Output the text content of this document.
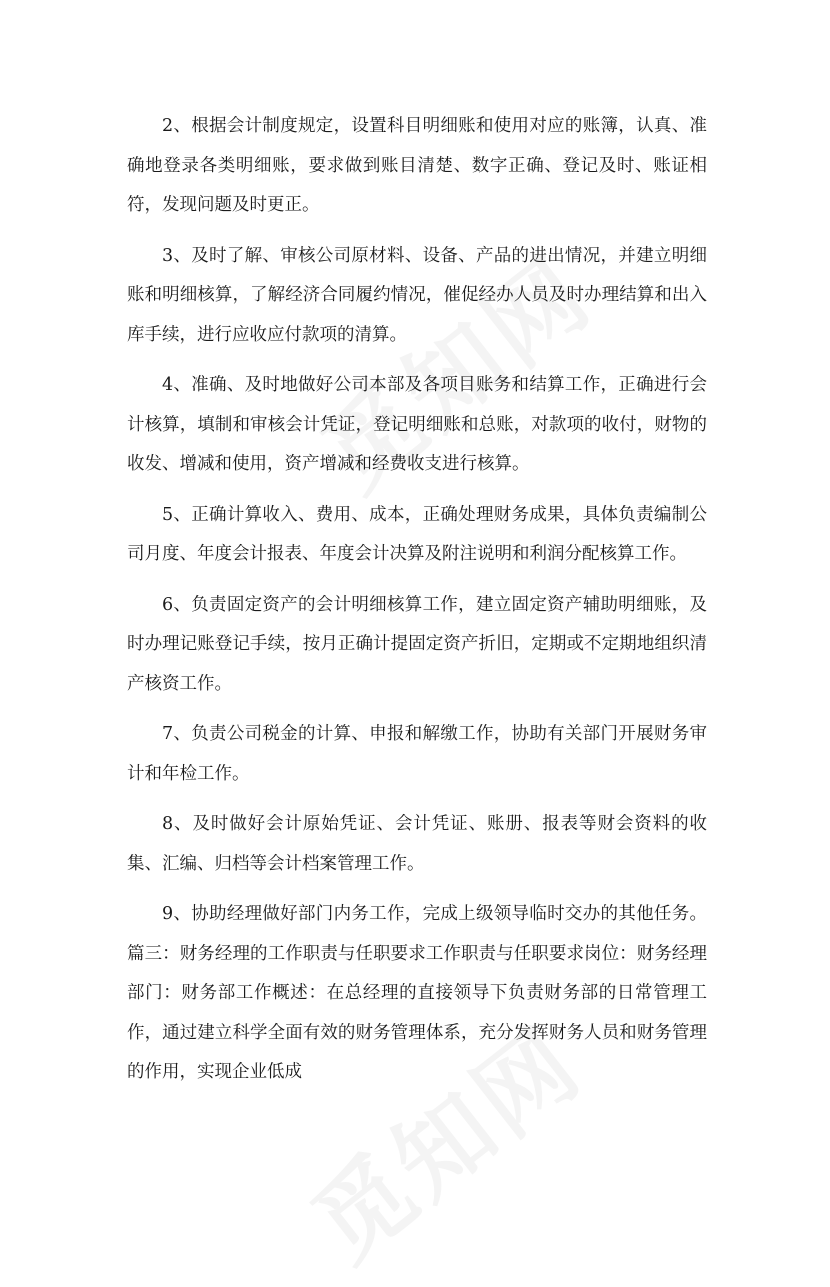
2、根据会计制度规定，设置科目明细账和使用对应的账簿，认真、准确地登录各类明细账，要求做到账目清楚、数字正确、登记及时、账证相符，发现问题及时更正。

3、及时了解、审核公司原材料、设备、产品的进出情况，并建立明细账和明细核算，了解经济合同履约情况，催促经办人员及时办理结算和出入库手续，进行应收应付款项的清算。

4、准确、及时地做好公司本部及各项目账务和结算工作，正确进行会计核算，填制和审核会计凭证，登记明细账和总账，对款项的收付，财物的收发、增减和使用，资产增减和经费收支进行核算。

5、正确计算收入、费用、成本，正确处理财务成果，具体负责编制公司月度、年度会计报表、年度会计决算及附注说明和利润分配核算工作。

6、负责固定资产的会计明细核算工作，建立固定资产辅助明细账，及时办理记账登记手续，按月正确计提固定资产折旧，定期或不定期地组织清产核资工作。

7、负责公司税金的计算、申报和解缴工作，协助有关部门开展财务审计和年检工作。

8、及时做好会计原始凭证、会计凭证、账册、报表等财会资料的收集、汇编、归档等会计档案管理工作。

9、协助经理做好部门内务工作，完成上级领导临时交办的其他任务。篇三：财务经理的工作职责与任职要求工作职责与任职要求岗位：财务经理部门：财务部工作概述：在总经理的直接领导下负责财务部的日常管理工作，通过建立科学全面有效的财务管理体系，充分发挥财务人员和财务管理的作用，实现企业低成
